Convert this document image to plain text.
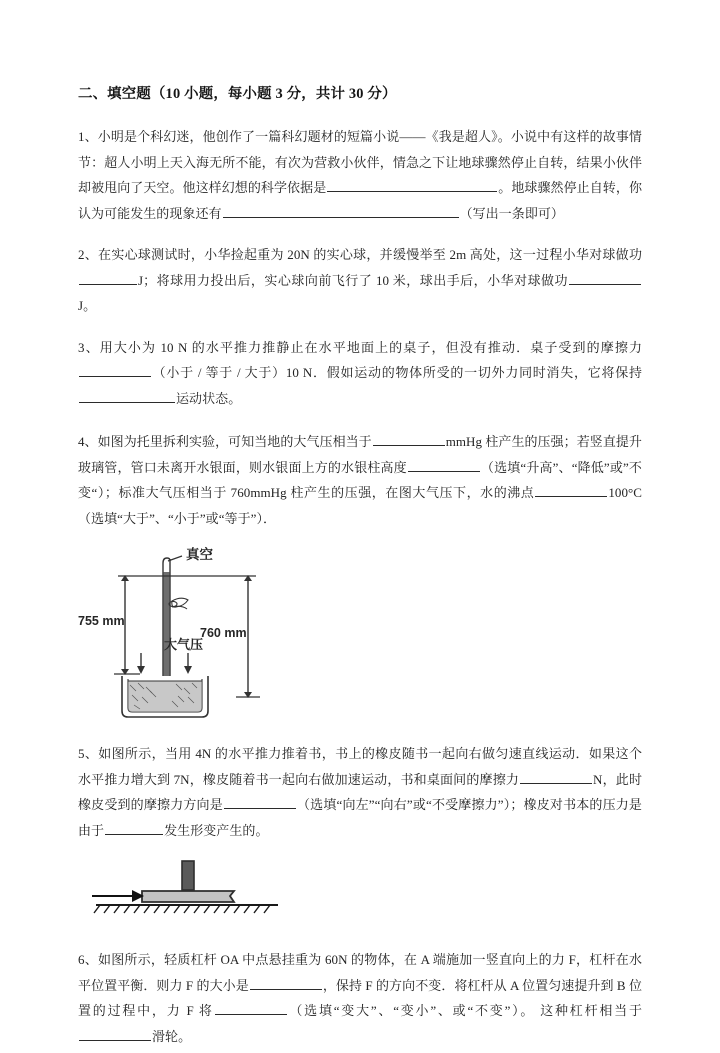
二、填空题（10 小题，每小题 3 分，共计 30 分）

1、小明是个科幻迷，他创作了一篇科幻题材的短篇小说——《我是超人》。小说中有这样的故事情节：超人小明上天入海无所不能，有次为营救小伙伴，情急之下让地球骤然停止自转，结果小伙伴却被甩向了天空。他这样幻想的科学依据是	。地球骤然停止自转，你认为可能发生的现象还有	（写出一条即可）

2、在实心球测试时，小华捡起重为 20N 的实心球，并缓慢举至 2m 高处，这一过程小华对球做功J；将球用力投出后，实心球向前飞行了 10 米，球出手后，小华对球做功J。

3、用大小为 10 N 的水平推力推静止在水平地面上的桌子，但没有推动．桌子受到的摩擦力（小于 / 等于 / 大于）10 N．假如运动的物体所受的一切外力同时消失，它将保持运动状态。

4、如图为托里拆利实验，可知当地的大气压相当于	mmHg 柱产生的压强；若竖直提升玻璃管，管口未离开水银面，则水银面上方的水银柱高度	（选填“升高”、“降低”或”不变“）；标准大气压相当于 760mmHg 柱产生的压强，在图大气压下，水的沸点	100°C（选填“大于”、“小于”或“等于”）．

真空
755 mm
760 mm
大气压

5、如图所示，当用 4N 的水平推力推着书，书上的橡皮随书一起向右做匀速直线运动．如果这个水平推力增大到 7N，橡皮随着书一起向右做加速运动，书和桌面间的摩擦力	N，此时橡皮受到的摩擦力方向是	（选填“向左”“向右”或“不受摩擦力”）；橡皮对书本的压力是由于	发生形变产生的。

6、如图所示，轻质杠杆 OA 中点悬挂重为 60N 的物体，在 A 端施加一竖直向上的力 F，杠杆在水平位置平衡．则力 F 的大小是	，保持 F 的方向不变．将杠杆从 A 位置匀速提升到 B 位置的过程中，力 F 将	（选填“变大”、“变小”、或“不变”）。 这种杠杆相当于滑轮。
